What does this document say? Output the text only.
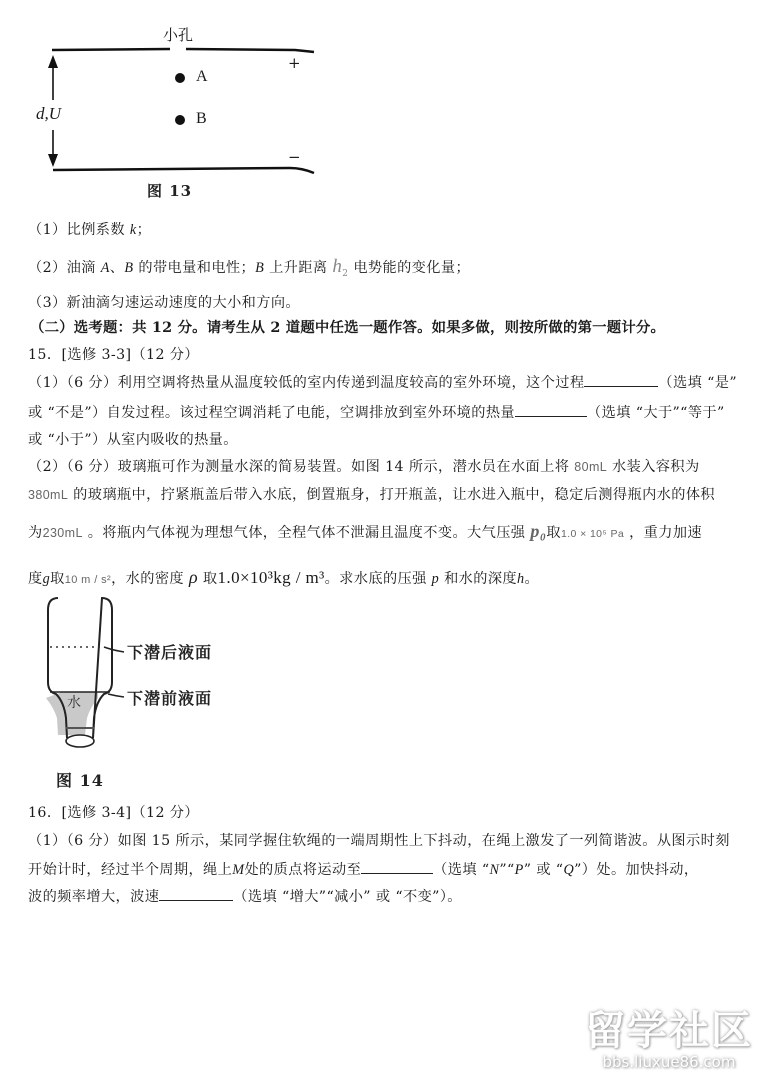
小孔
A
B
+
−
d,U
图 13
（1）比例系数 k；
（2）油滴 A、B 的带电量和电性；B 上升距离 $h_2$ 电势能的变化量；
（3）新油滴匀速运动速度的大小和方向。
（二）选考题：共 12 分。请考生从 2 道题中任选一题作答。如果多做，则按所做的第一题计分。
15．[选修 3-3]（12 分）
（1）（6 分）利用空调将热量从温度较低的室内传递到温度较高的室外环境，这个过程	（选填 “是”
或 “不是”）自发过程。该过程空调消耗了电能，空调排放到室外环境的热量	（选填 “大于”“等于”
或 “小于”）从室内吸收的热量。
（2）（6 分）玻璃瓶可作为测量水深的简易装置。如图 14 所示，潜水员在水面上将 80mL 水装入容积为
380mL 的玻璃瓶中，拧紧瓶盖后带入水底，倒置瓶身，打开瓶盖，让水进入瓶中，稳定后测得瓶内水的体积
为230mL 。将瓶内气体视为理想气体，全程气体不泄漏且温度不变。大气压强 p₀取1.0 × 10⁵ Pa ，重力加速
度g取10 m / s²，水的密度 ρ 取1.0×10³kg / m³。求水底的压强 p 和水的深度h。
水
下潜后液面
下潜前液面
图 14
16．[选修 3-4]（12 分）
（1）（6 分）如图 15 所示，某同学握住软绳的一端周期性上下抖动，在绳上激发了一列简谐波。从图示时刻
开始计时，经过半个周期，绳上M处的质点将运动至	（选填 “N”“P” 或 “Q”）处。加快抖动，
波的频率增大，波速	（选填 “增大”“减小” 或 “不变”）。
留学社区
bbs.liuxue86.com
